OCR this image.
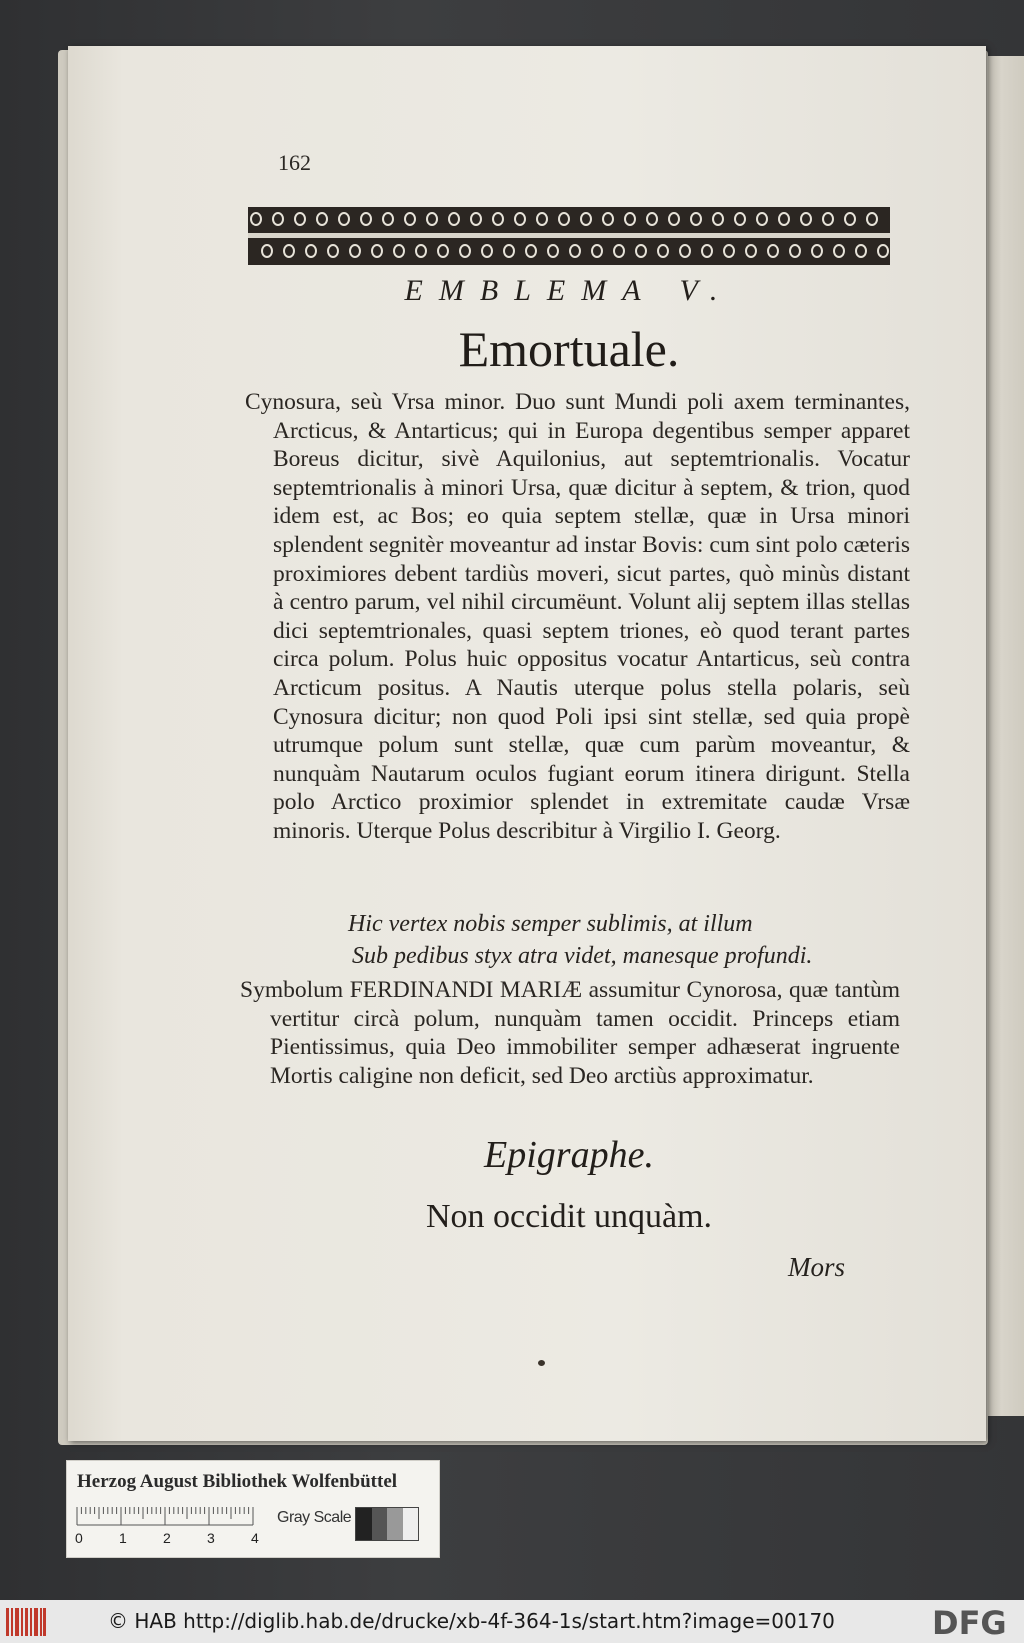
162
EMBLEMA V.
Emortuale.

Cynosura, seù Vrsa minor. Duo sunt Mundi poli axem terminantes, Arcticus, & Antarticus; qui in Europa degentibus semper apparet Boreus dicitur, sivè Aquilonius, aut septemtrionalis. Vocatur septemtrionalis à minori Ursa, quæ dicitur à septem, & trion, quod idem est, ac Bos; eo quia septem stellæ, quæ in Ursa minori splendent segnitèr moveantur ad instar Bovis: cum sint polo cæteris proximiores debent tardiùs moveri, sicut partes, quò minùs distant à centro parum, vel nihil circumëunt. Volunt alij septem illas stellas dici septemtrionales, quasi septem triones, eò quod terant partes circa polum. Polus huic oppositus vocatur Antarticus, seù contra Arcticum positus. A Nautis uterque polus stella polaris, seù Cynosura dicitur; non quod Poli ipsi sint stellæ, sed quia propè utrumque polum sunt stellæ, quæ cum parùm moveantur, & nunquàm Nautarum oculos fugiant eorum itinera dirigunt. Stella polo Arctico proximior splendet in extremitate caudæ Vrsæ minoris. Uterque Polus describitur à Virgilio I. Georg.

Hic vertex nobis semper sublimis, at illum
Sub pedibus styx atra videt, manesque profundi.

Symbolum FERDINANDI MARIÆ assumitur Cynorosa, quæ tantùm vertitur circà polum, nunquàm tamen occidit. Princeps etiam Pientissimus, quia Deo immobiliter semper adhæserat ingruente Mortis caligine non deficit, sed Deo arctiùs approximatur.

Epigraphe.
Non occidit unquàm.
Mors
Herzog August Bibliothek Wolfenbüttel
0	1	2	3	4
Gray Scale
© HAB http://diglib.hab.de/drucke/xb-4f-364-1s/start.htm?image=00170	DFG
